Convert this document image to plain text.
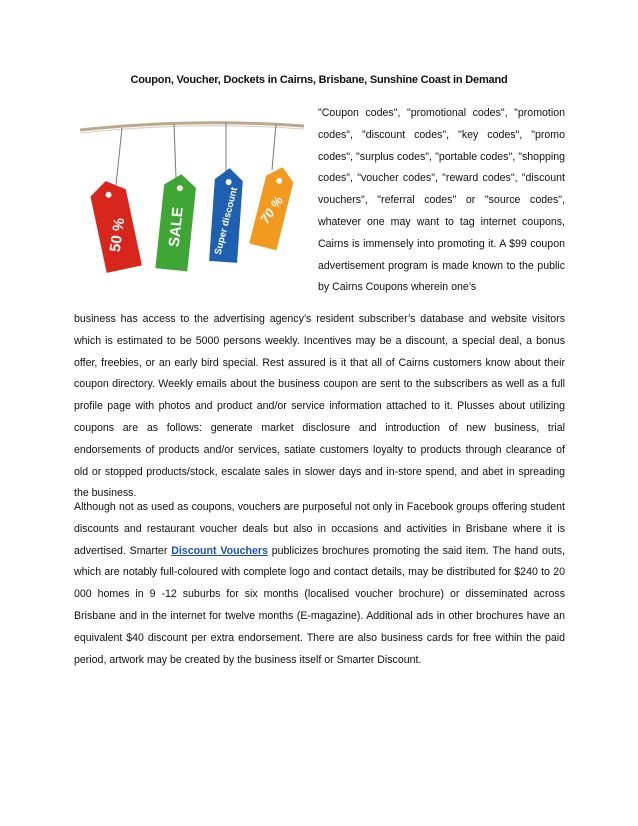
Coupon, Voucher, Dockets in Cairns, Brisbane, Sunshine Coast in Demand
50 % SALE	Super discount 70 %
"Coupon codes", "promotional codes", "promotion codes", "discount codes", "key codes", "promo codes", "surplus codes", "portable codes", "shopping codes", "voucher codes", "reward codes", "discount vouchers", "referral codes" or "source codes", whatever one may want to tag internet coupons, Cairns is immensely into promoting it. A $99 coupon advertisement program is made known to the public by Cairns Coupons wherein one’s
business has access to the advertising agency’s resident subscriber’s database and website visitors which is estimated to be 5000 persons weekly. Incentives may be a discount, a special deal, a bonus offer, freebies, or an early bird special. Rest assured is it that all of Cairns customers know about their coupon directory. Weekly emails about the business coupon are sent to the subscribers as well as a full profile page with photos and product and/or service information attached to it. Plusses about utilizing coupons are as follows: generate market disclosure and introduction of new business, trial endorsements of products and/or services, satiate customers loyalty to products through clearance of old or stopped products/stock, escalate sales in slower days and in-store spend, and abet in spreading the business.
Although not as used as coupons, vouchers are purposeful not only in Facebook groups offering student discounts and restaurant voucher deals but also in occasions and activities in Brisbane where it is advertised. Smarter Discount Vouchers publicizes brochures promoting the said item. The hand outs, which are notably full-coloured with complete logo and contact details, may be distributed for $240 to 20 000 homes in 9 -12 suburbs for six months (localised voucher brochure) or disseminated across Brisbane and in the internet for twelve months (E-magazine). Additional ads in other brochures have an equivalent $40 discount per extra endorsement. There are also business cards for free within the paid period, artwork may be created by the business itself or Smarter Discount.
